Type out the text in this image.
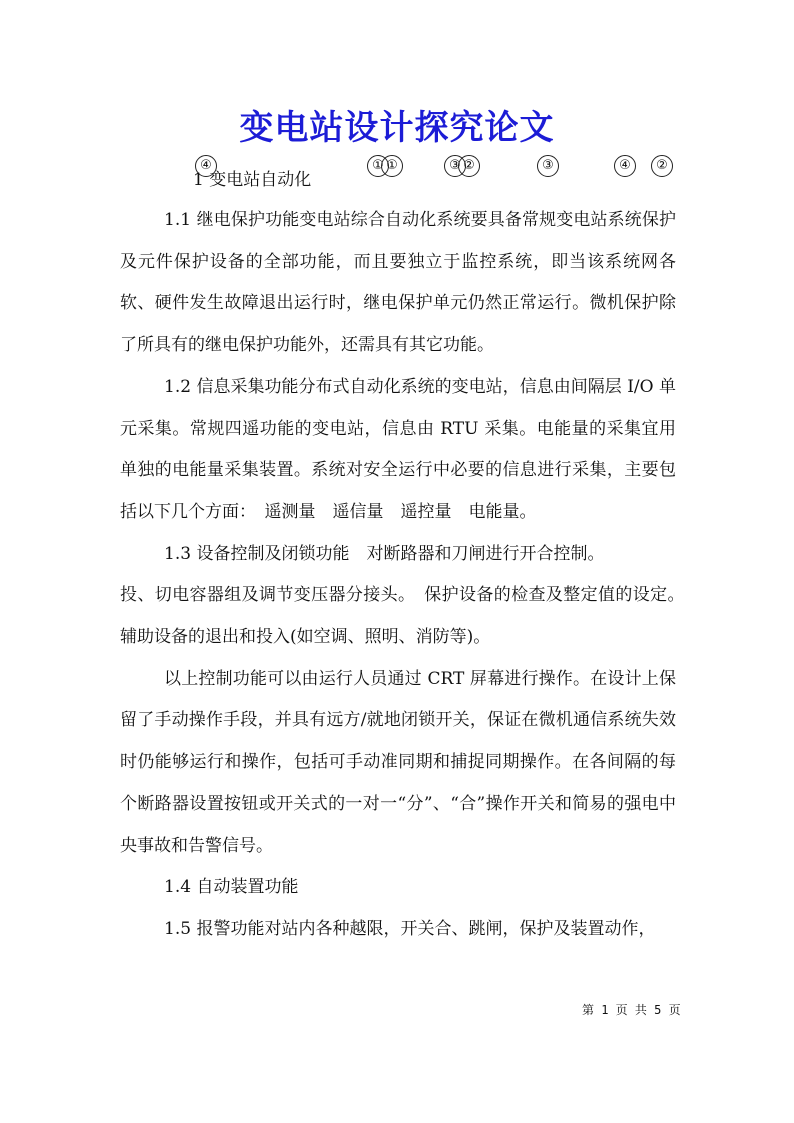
变电站设计探究论文
④	① ①	③ ②	③	④	②
1 变电站自动化

1.1 继电保护功能变电站综合自动化系统要具备常规变电站系统保护及元件保护设备的全部功能，而且要独立于监控系统，即当该系统网各软、硬件发生故障退出运行时，继电保护单元仍然正常运行。微机保护除了所具有的继电保护功能外，还需具有其它功能。

1.2 信息采集功能分布式自动化系统的变电站，信息由间隔层 I/O 单元采集。常规四遥功能的变电站，信息由 RTU 采集。电能量的采集宜用单独的电能量采集装置。系统对安全运行中必要的信息进行采集，主要包括以下几个方面：　遥测量　遥信量　遥控量　电能量。

1.3 设备控制及闭锁功能　对断路器和刀闸进行开合控制。

投、切电容器组及调节变压器分接头。　保护设备的检查及整定值的设定。　辅助设备的退出和投入(如空调、照明、消防等)。

以上控制功能可以由运行人员通过 CRT 屏幕进行操作。在设计上保留了手动操作手段，并具有远方/就地闭锁开关，保证在微机通信系统失效时仍能够运行和操作，包括可手动准同期和捕捉同期操作。在各间隔的每个断路器设置按钮或开关式的一对一“分”、“合”操作开关和简易的强电中央事故和告警信号。

1.4 自动装置功能

1.5 报警功能对站内各种越限，开关合、跳闸，保护及装置动作，

第 1 页 共 5 页
